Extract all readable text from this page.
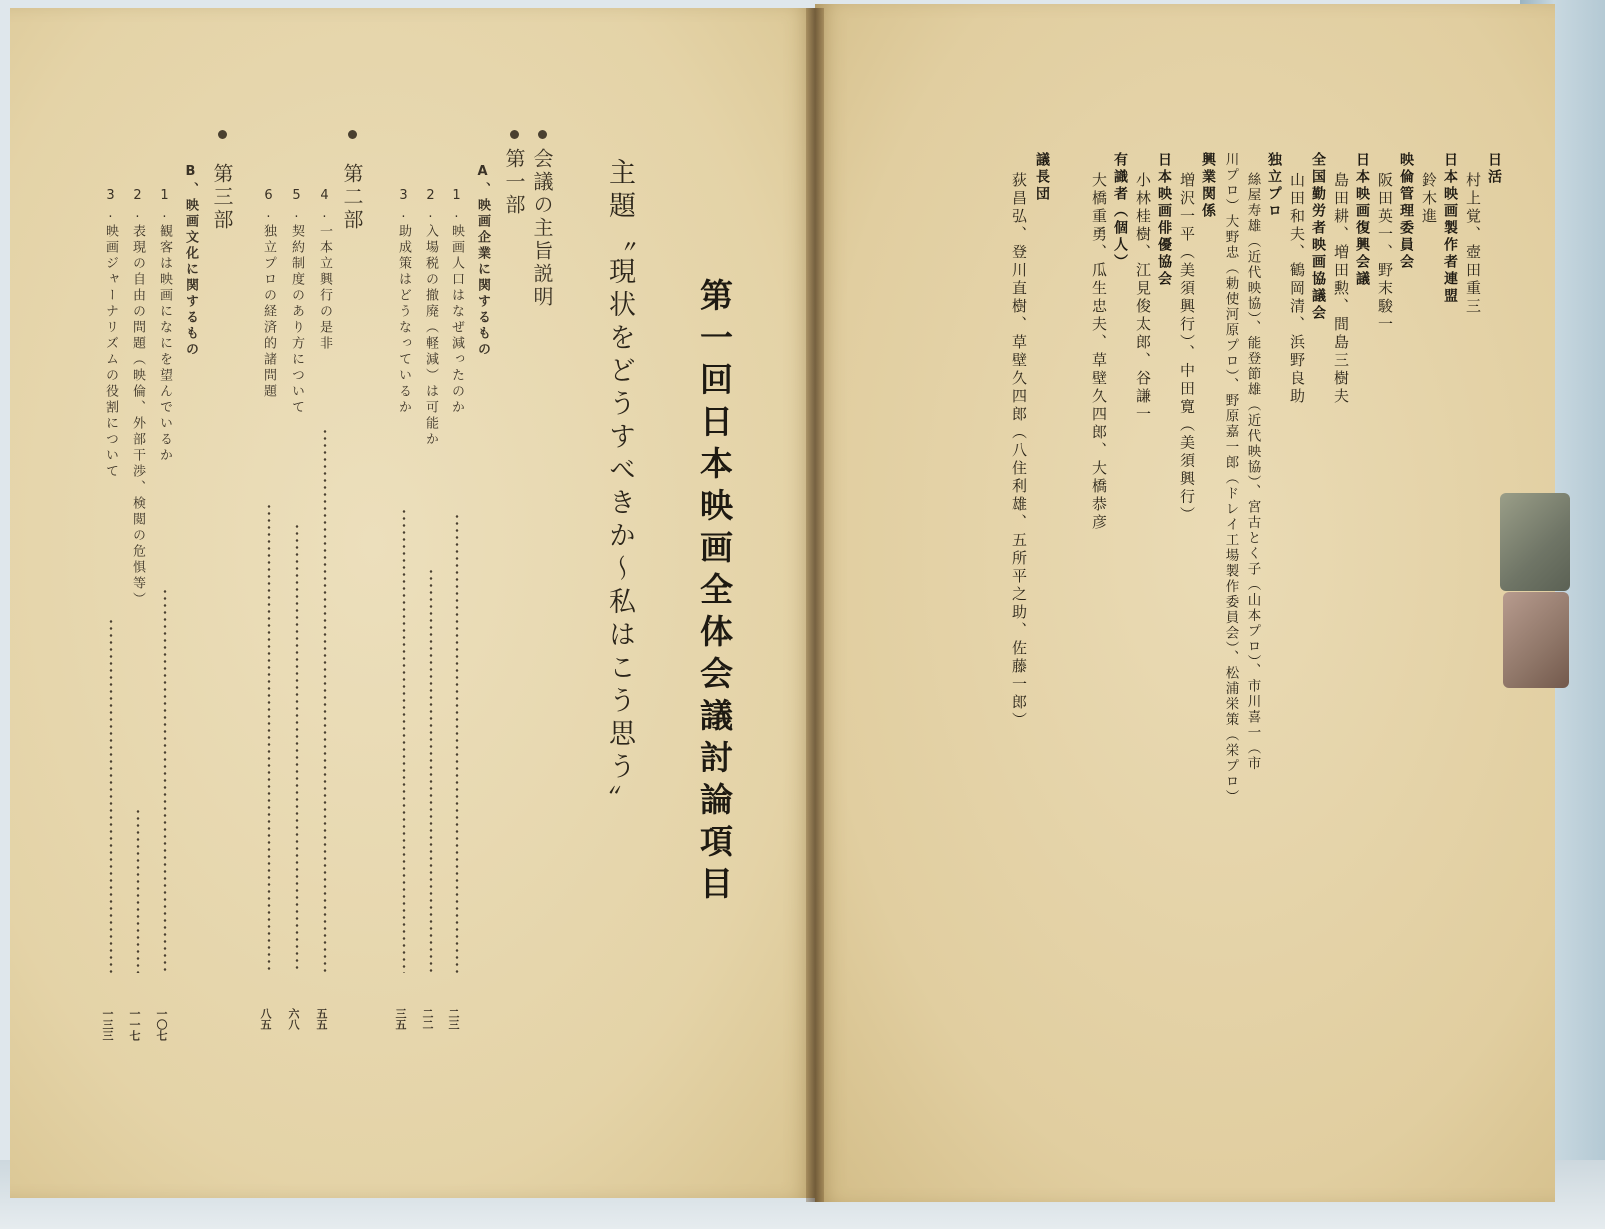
第一回日本映画全体会議討論項目
主題〝現状をどうすべきか〜私はこう思う〟
会議の主旨説明
第一部
A、映画企業に関するもの
第二部
第三部
B、映画文化に関するもの	1.映画人口はなぜ減ったのか
二三
2.入場税の撤廃（軽減）は可能か
二二
3.助成策はどうなっているか
三五
4.一本立興行の是非
五五
5.契約制度のあり方について
六八
6.独立プロの経済的諸問題
八五
1.観客は映画になにを望んでいるか
一〇七
2.表現の自由の問題（映倫、外部干渉、検閲の危惧等）
一一七
3.映画ジャーナリズムの役割について
一三三
日活
村上覚、壺田重三
日本映画製作者連盟
鈴木進
映倫管理委員会
阪田英一、野末駿一
日本映画復興会議
島田耕、増田勲、間島三樹夫
全国勤労者映画協議会
山田和夫、鶴岡清、浜野良助
独立プロ
絲屋寿雄（近代映協）、能登節雄（近代映協）、宮古とく子（山本プロ）、市川喜一（市
川プロ）大野忠（勅使河原プロ）、野原嘉一郎（ドレイ工場製作委員会）、松浦栄策（栄プロ）
興業関係
増沢一平（美須興行）、中田寛（美須興行）
日本映画俳優協会
小林桂樹、江見俊太郎、谷謙一
有識者（個人）
大橋重勇、瓜生忠夫、草壁久四郎、大橋恭彦
議長団
荻昌弘、登川直樹、草壁久四郎（八住利雄、五所平之助、佐藤一郎）
